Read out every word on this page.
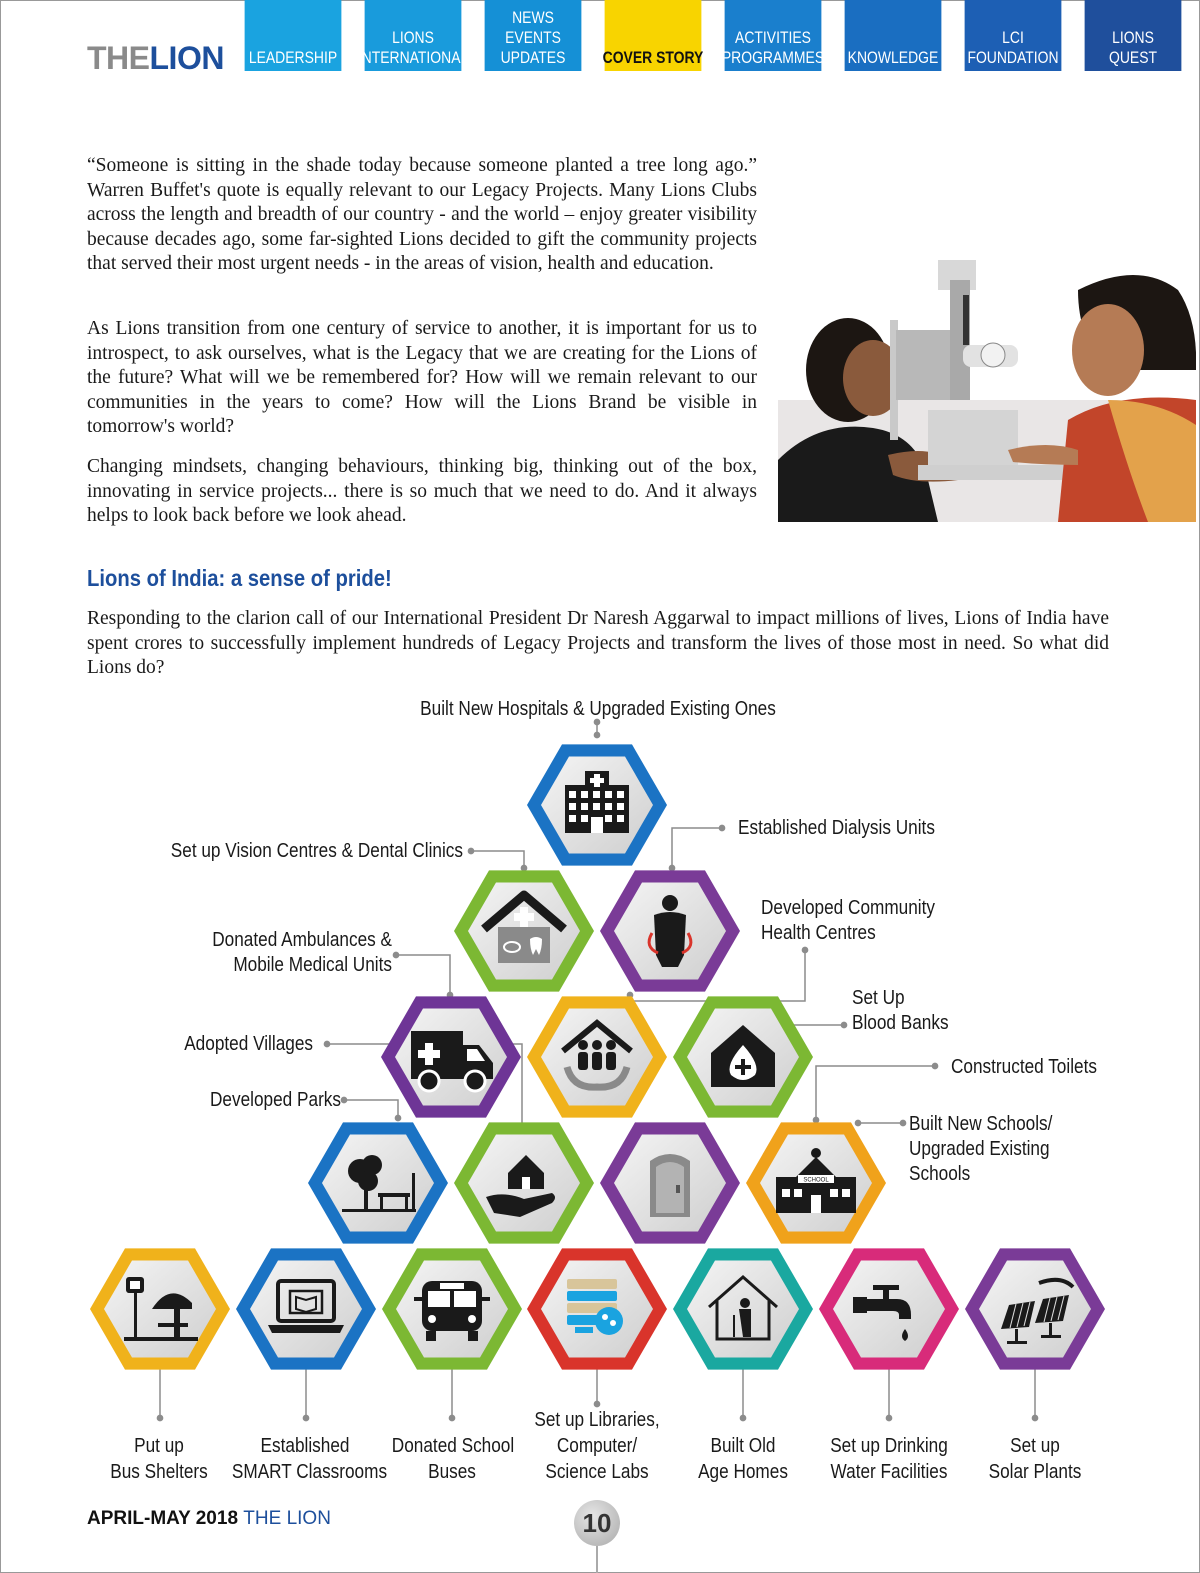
THELION LEADERSHIP
LIONS
INTERNATIONAL
NEWS
EVENTS
UPDATES COVER STORY
ACTIVITIES
PROGRAMMES KNOWLEDGE
LCI
FOUNDATION
LIONS
QUEST

“Someone is sitting in the shade today because someone planted a tree long ago.” Warren Buffet's quote is equally relevant to our Legacy Projects. Many Lions Clubs across the length and breadth of our country - and the world – enjoy greater visibility because decades ago, some far-sighted Lions decided to gift the community projects that served their most urgent needs - in the areas of vision, health and education.

As Lions transition from one century of service to another, it is important for us to introspect, to ask ourselves, what is the Legacy that we are creating for the Lions of the future? What will we be remembered for? How will we remain relevant to our communities in the years to come? How will the Lions Brand be visible in tomorrow's world?

Changing mindsets, changing behaviours, thinking big, thinking out of the box, innovating in service projects... there is so much that we need to do. And it always helps to look back before we look ahead.

Lions of India: a sense of pride!

Responding to the clarion call of our International President Dr Naresh Aggarwal to impact millions of lives, Lions of India have spent crores to successfully implement hundreds of Legacy Projects and transform the lives of those most in need. So what did Lions do?

SCHOOL
Built New Hospitals & Upgraded Existing Ones
Established Dialysis Units
Set up Vision Centres & Dental Clinics
Developed Community
Health Centres
Donated Ambulances &
Mobile Medical Units
Set Up
Blood Banks
Adopted Villages
Constructed Toilets
Developed Parks
Built New Schools/
Upgraded Existing
Schools
Put up
Bus Shelters
Established
SMART Classrooms
Donated School
Buses
Set up Libraries,
Computer/
Science Labs
Built Old
Age Homes
Set up Drinking
Water Facilities
Set up
Solar Plants
APRIL-MAY 2018 THE LION	10
